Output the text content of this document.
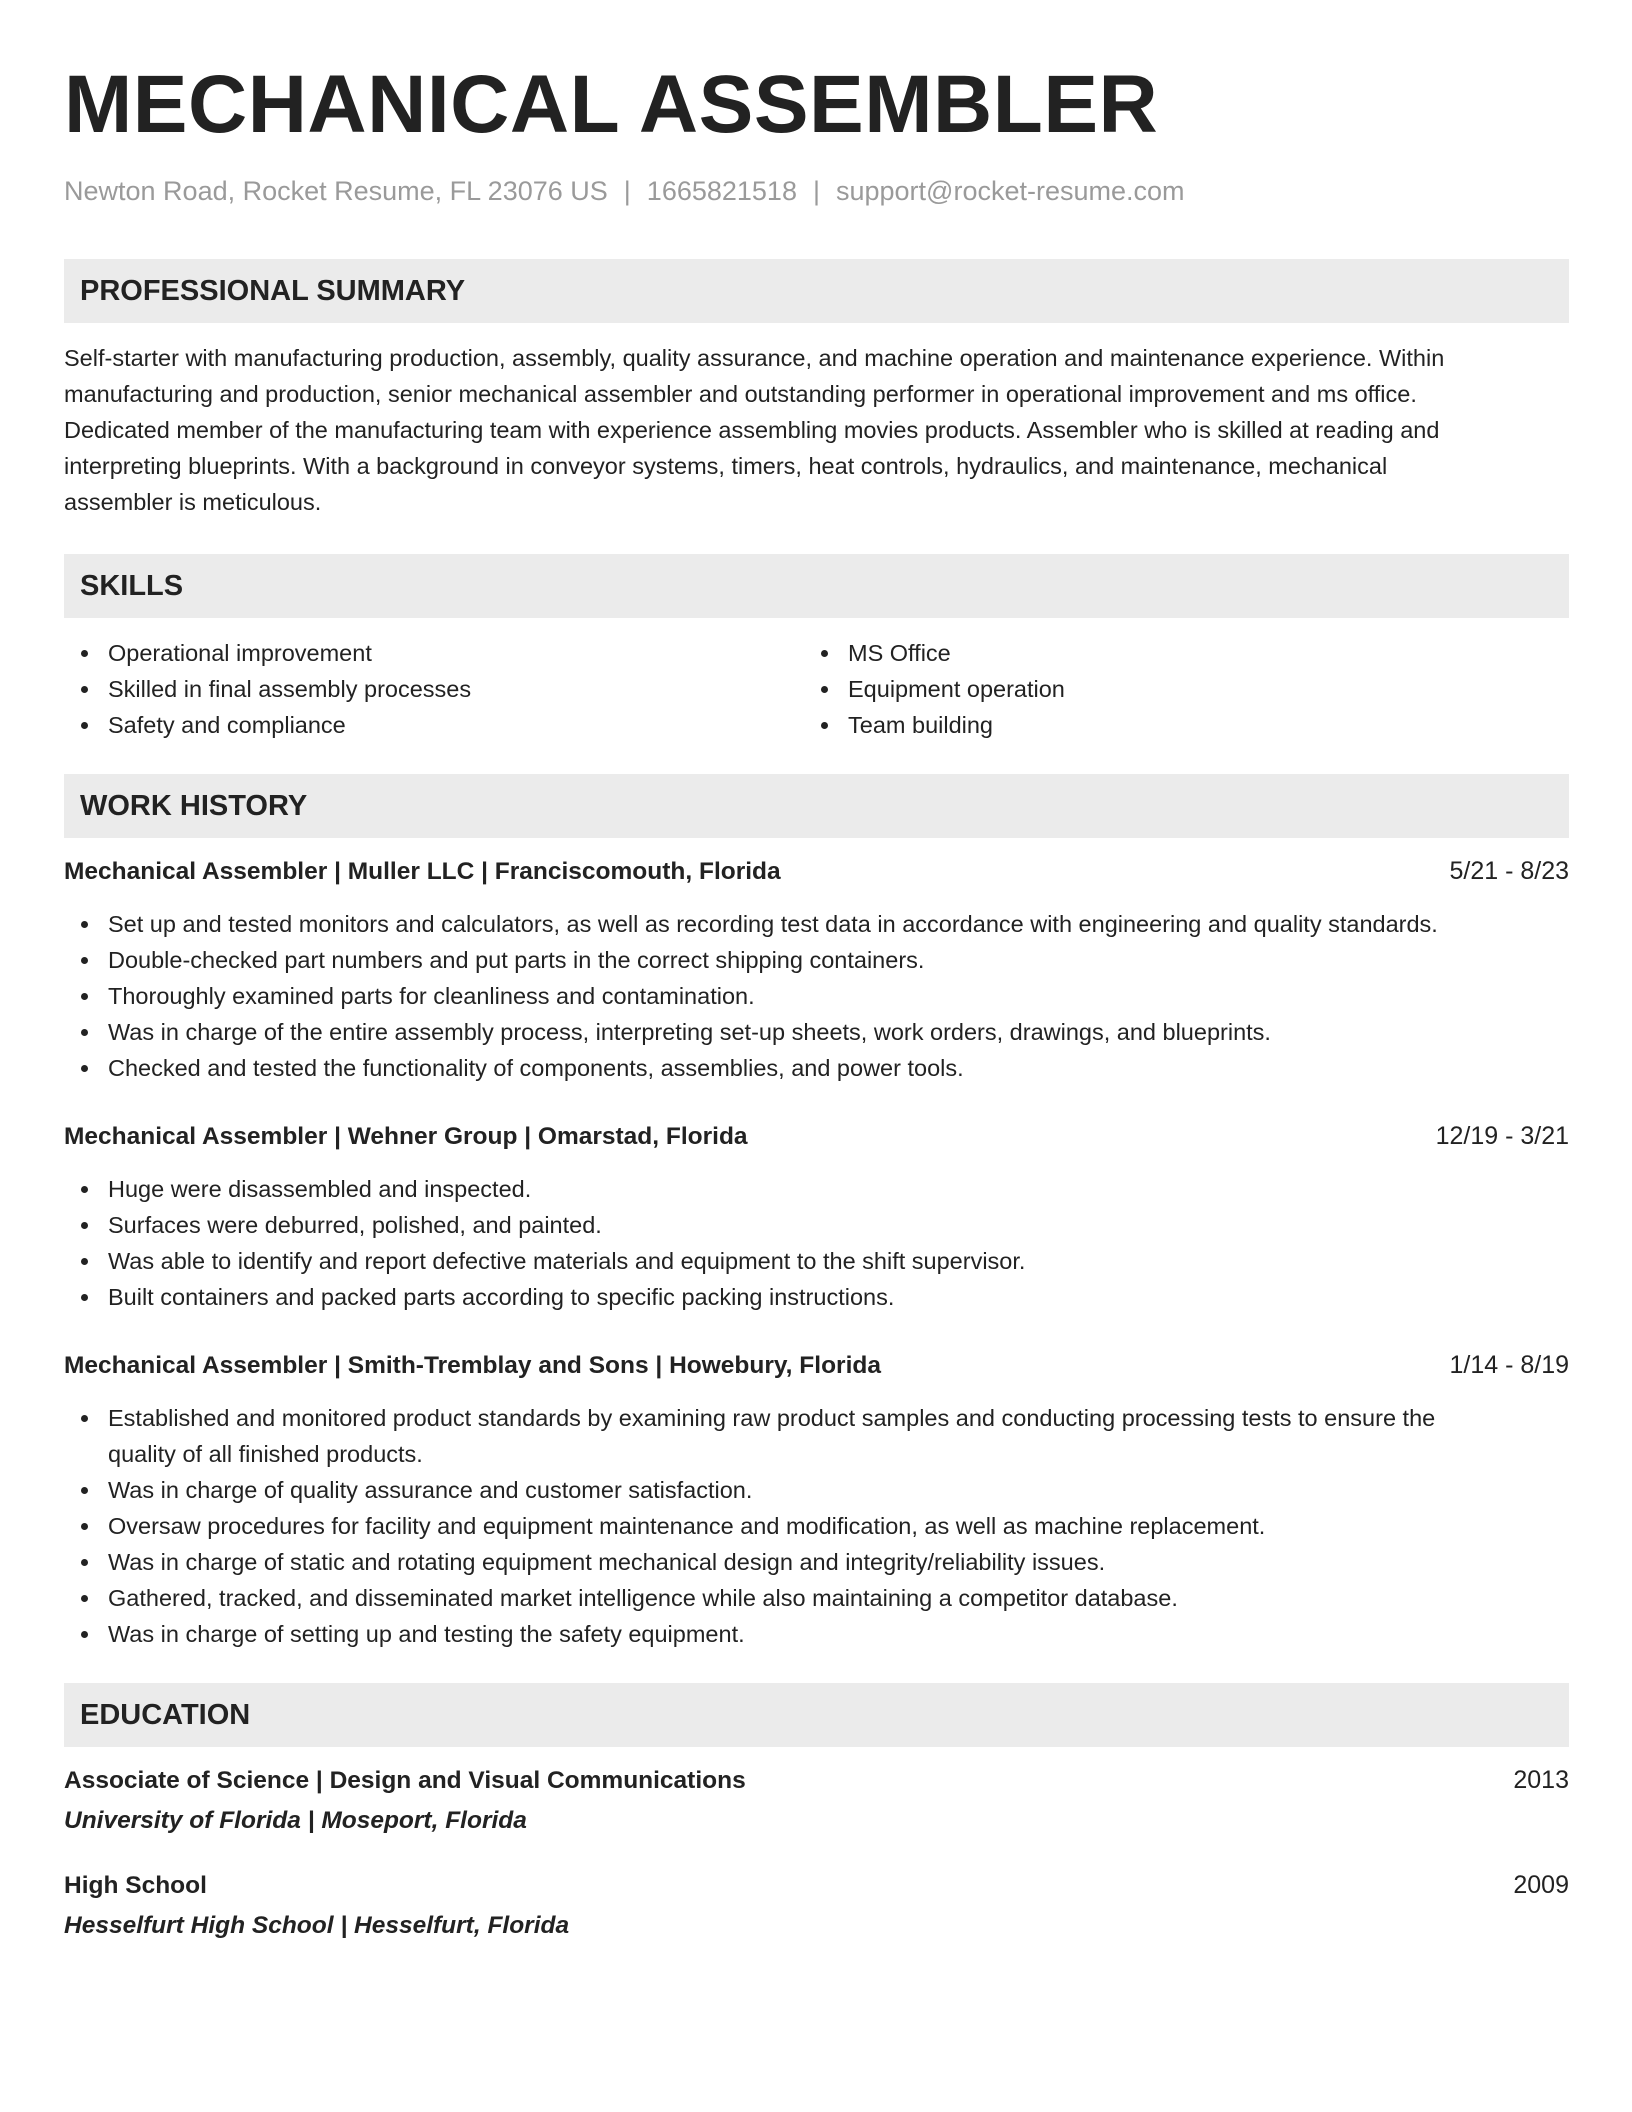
MECHANICAL ASSEMBLER
Newton Road, Rocket Resume, FL 23076 US | 1665821518 | support@rocket-resume.com
PROFESSIONAL SUMMARY
Self-starter with manufacturing production, assembly, quality assurance, and machine operation and maintenance experience. Within
manufacturing and production, senior mechanical assembler and outstanding performer in operational improvement and ms office.
Dedicated member of the manufacturing team with experience assembling movies products. Assembler who is skilled at reading and
interpreting blueprints. With a background in conveyor systems, timers, heat controls, hydraulics, and maintenance, mechanical
assembler is meticulous.
SKILLS
Operational improvement
Skilled in final assembly processes
Safety and compliance
MS Office
Equipment operation
Team building
WORK HISTORY
Mechanical Assembler | Muller LLC | Franciscomouth, Florida	5/21 - 8/23
Set up and tested monitors and calculators, as well as recording test data in accordance with engineering and quality standards.
Double-checked part numbers and put parts in the correct shipping containers.
Thoroughly examined parts for cleanliness and contamination.
Was in charge of the entire assembly process, interpreting set-up sheets, work orders, drawings, and blueprints.
Checked and tested the functionality of components, assemblies, and power tools.
Mechanical Assembler | Wehner Group | Omarstad, Florida	12/19 - 3/21
Huge were disassembled and inspected.
Surfaces were deburred, polished, and painted.
Was able to identify and report defective materials and equipment to the shift supervisor.
Built containers and packed parts according to specific packing instructions.
Mechanical Assembler | Smith-Tremblay and Sons | Howebury, Florida	1/14 - 8/19
Established and monitored product standards by examining raw product samples and conducting processing tests to ensure the
quality of all finished products.
Was in charge of quality assurance and customer satisfaction.
Oversaw procedures for facility and equipment maintenance and modification, as well as machine replacement.
Was in charge of static and rotating equipment mechanical design and integrity/reliability issues.
Gathered, tracked, and disseminated market intelligence while also maintaining a competitor database.
Was in charge of setting up and testing the safety equipment.
EDUCATION
Associate of Science | Design and Visual Communications	2013
University of Florida | Moseport, Florida
High School	2009
Hesselfurt High School | Hesselfurt, Florida
